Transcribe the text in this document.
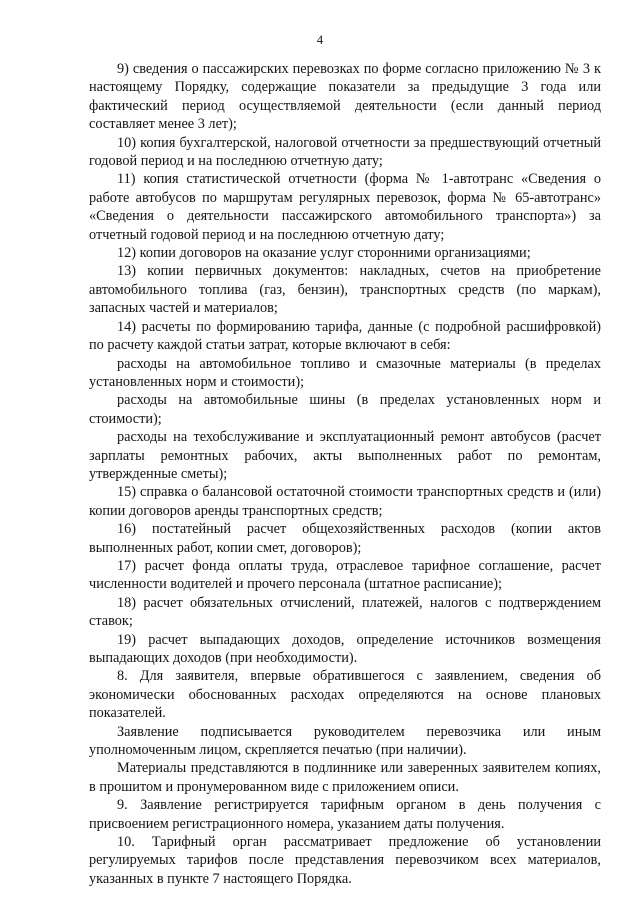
4

9) сведения о пассажирских перевозках по форме согласно приложению № 3 к настоящему Порядку, содержащие показатели за предыдущие 3 года или фактический период осуществляемой деятельности (если данный период составляет менее 3 лет);

10) копия бухгалтерской, налоговой отчетности за предшествующий отчетный годовой период и на последнюю отчетную дату;

11) копия статистической отчетности (форма № 1-автотранс «Сведения о работе автобусов по маршрутам регулярных перевозок, форма № 65-автотранс» «Сведения о деятельности пассажирского автомобильного транспорта») за отчетный годовой период и на последнюю отчетную дату;

12) копии договоров на оказание услуг сторонними организациями;

13) копии первичных документов: накладных, счетов на приобретение автомобильного топлива (газ, бензин), транспортных средств (по маркам), запасных частей и материалов;

14) расчеты по формированию тарифа, данные (с подробной расшифровкой) по расчету каждой статьи затрат, которые включают в себя:

расходы на автомобильное топливо и смазочные материалы (в пределах установленных норм и стоимости);

расходы на автомобильные шины (в пределах установленных норм и стоимости);

расходы на техобслуживание и эксплуатационный ремонт автобусов (расчет зарплаты ремонтных рабочих, акты выполненных работ по ремонтам, утвержденные сметы);

15) справка о балансовой остаточной стоимости транспортных средств и (или) копии договоров аренды транспортных средств;

16) постатейный расчет общехозяйственных расходов (копии актов выполненных работ, копии смет, договоров);

17) расчет фонда оплаты труда, отраслевое тарифное соглашение, расчет численности водителей и прочего персонала (штатное расписание);

18) расчет обязательных отчислений, платежей, налогов с подтверждением ставок;

19) расчет выпадающих доходов, определение источников возмещения выпадающих доходов (при необходимости).

8. Для заявителя, впервые обратившегося с заявлением, сведения об экономически обоснованных расходах определяются на основе плановых показателей.

Заявление подписывается руководителем перевозчика или иным уполномоченным лицом, скрепляется печатью (при наличии).

Материалы представляются в подлиннике или заверенных заявителем копиях, в прошитом и пронумерованном виде с приложением описи.

9. Заявление регистрируется тарифным органом в день получения с присвоением регистрационного номера, указанием даты получения.

10. Тарифный орган рассматривает предложение об установлении регулируемых тарифов после представления перевозчиком всех материалов, указанных в пункте 7 настоящего Порядка.
